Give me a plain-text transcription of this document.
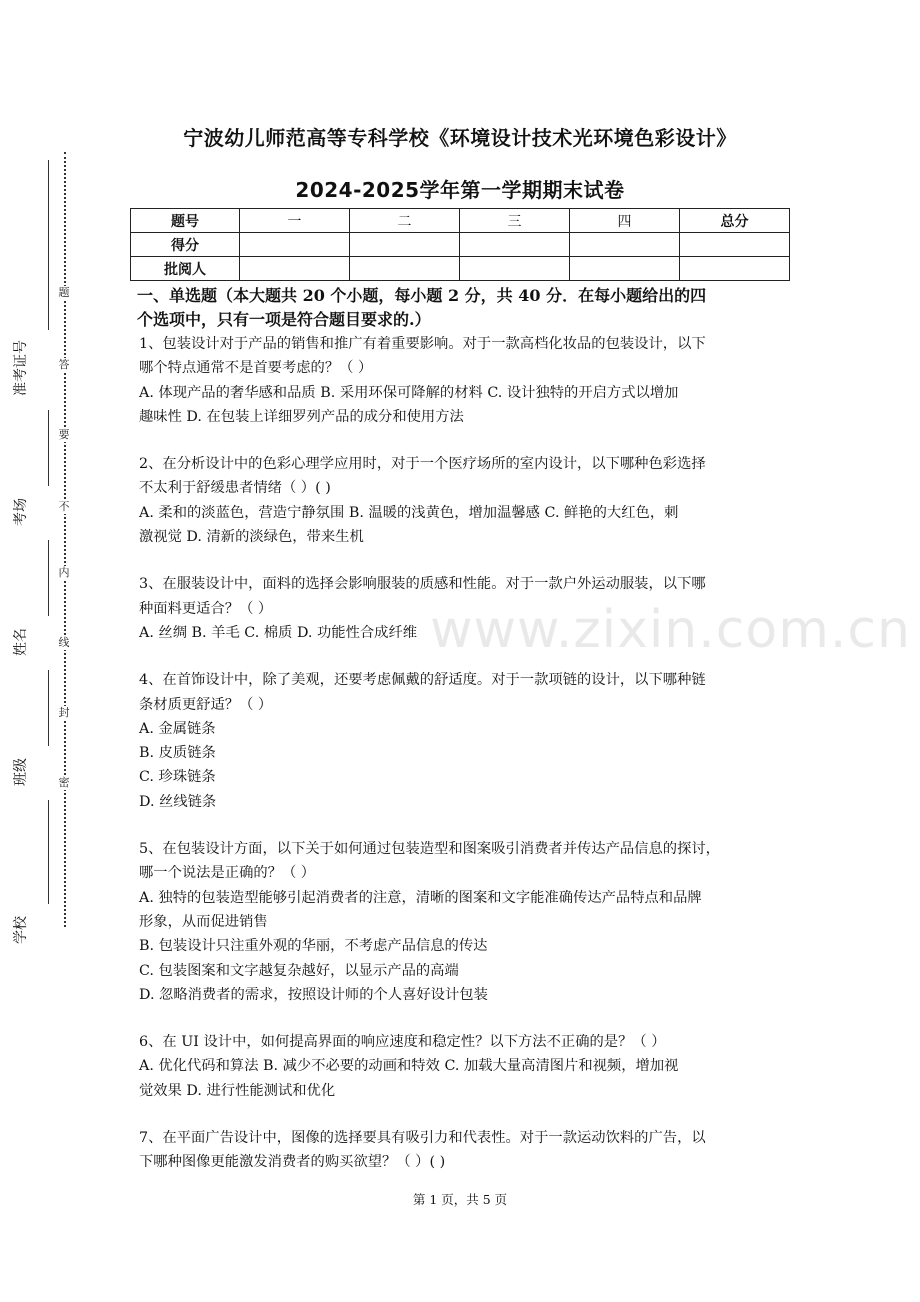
宁波幼儿师范高等专科学校《环境设计技术光环境色彩设计》
2024-2025学年第一学期期末试卷
题号	一	二	三	四	总分
得分					
批阅人					
一、单选题（本大题共 20 个小题，每小题 2 分，共 40 分．在每小题给出的四
个选项中，只有一项是符合题目要求的.）

1、包装设计对于产品的销售和推广有着重要影响。对于一款高档化妆品的包装设计，以下

哪个特点通常不是首要考虑的？（ ）

A. 体现产品的奢华感和品质 B. 采用环保可降解的材料 C. 设计独特的开启方式以增加

趣味性 D. 在包装上详细罗列产品的成分和使用方法

2、在分析设计中的色彩心理学应用时，对于一个医疗场所的室内设计，以下哪种色彩选择

不太利于舒缓患者情绪（ ）( )

A. 柔和的淡蓝色，营造宁静氛围 B. 温暖的浅黄色，增加温馨感 C. 鲜艳的大红色，刺

激视觉 D. 清新的淡绿色，带来生机

3、在服装设计中，面料的选择会影响服装的质感和性能。对于一款户外运动服装，以下哪

种面料更适合？（ ）

A. 丝绸 B. 羊毛 C. 棉质 D. 功能性合成纤维

4、在首饰设计中，除了美观，还要考虑佩戴的舒适度。对于一款项链的设计，以下哪种链

条材质更舒适？（ ）

A. 金属链条

B. 皮质链条

C. 珍珠链条

D. 丝线链条

5、在包装设计方面，以下关于如何通过包装造型和图案吸引消费者并传达产品信息的探讨，

哪一个说法是正确的？（ ）

A. 独特的包装造型能够引起消费者的注意，清晰的图案和文字能准确传达产品特点和品牌

形象，从而促进销售

B. 包装设计只注重外观的华丽，不考虑产品信息的传达

C. 包装图案和文字越复杂越好，以显示产品的高端

D. 忽略消费者的需求，按照设计师的个人喜好设计包装

6、在 UI 设计中，如何提高界面的响应速度和稳定性？以下方法不正确的是？（ ）

A. 优化代码和算法 B. 减少不必要的动画和特效 C. 加载大量高清图片和视频，增加视

觉效果 D. 进行性能测试和优化

7、在平面广告设计中，图像的选择要具有吸引力和代表性。对于一款运动饮料的广告，以

下哪种图像更能激发消费者的购买欲望？（ ）( )

第 1 页，共 5 页
题
答
要
不
内
线
封
密
准考证号
考场
姓名
班级
学校
www.zixin.com.cn
